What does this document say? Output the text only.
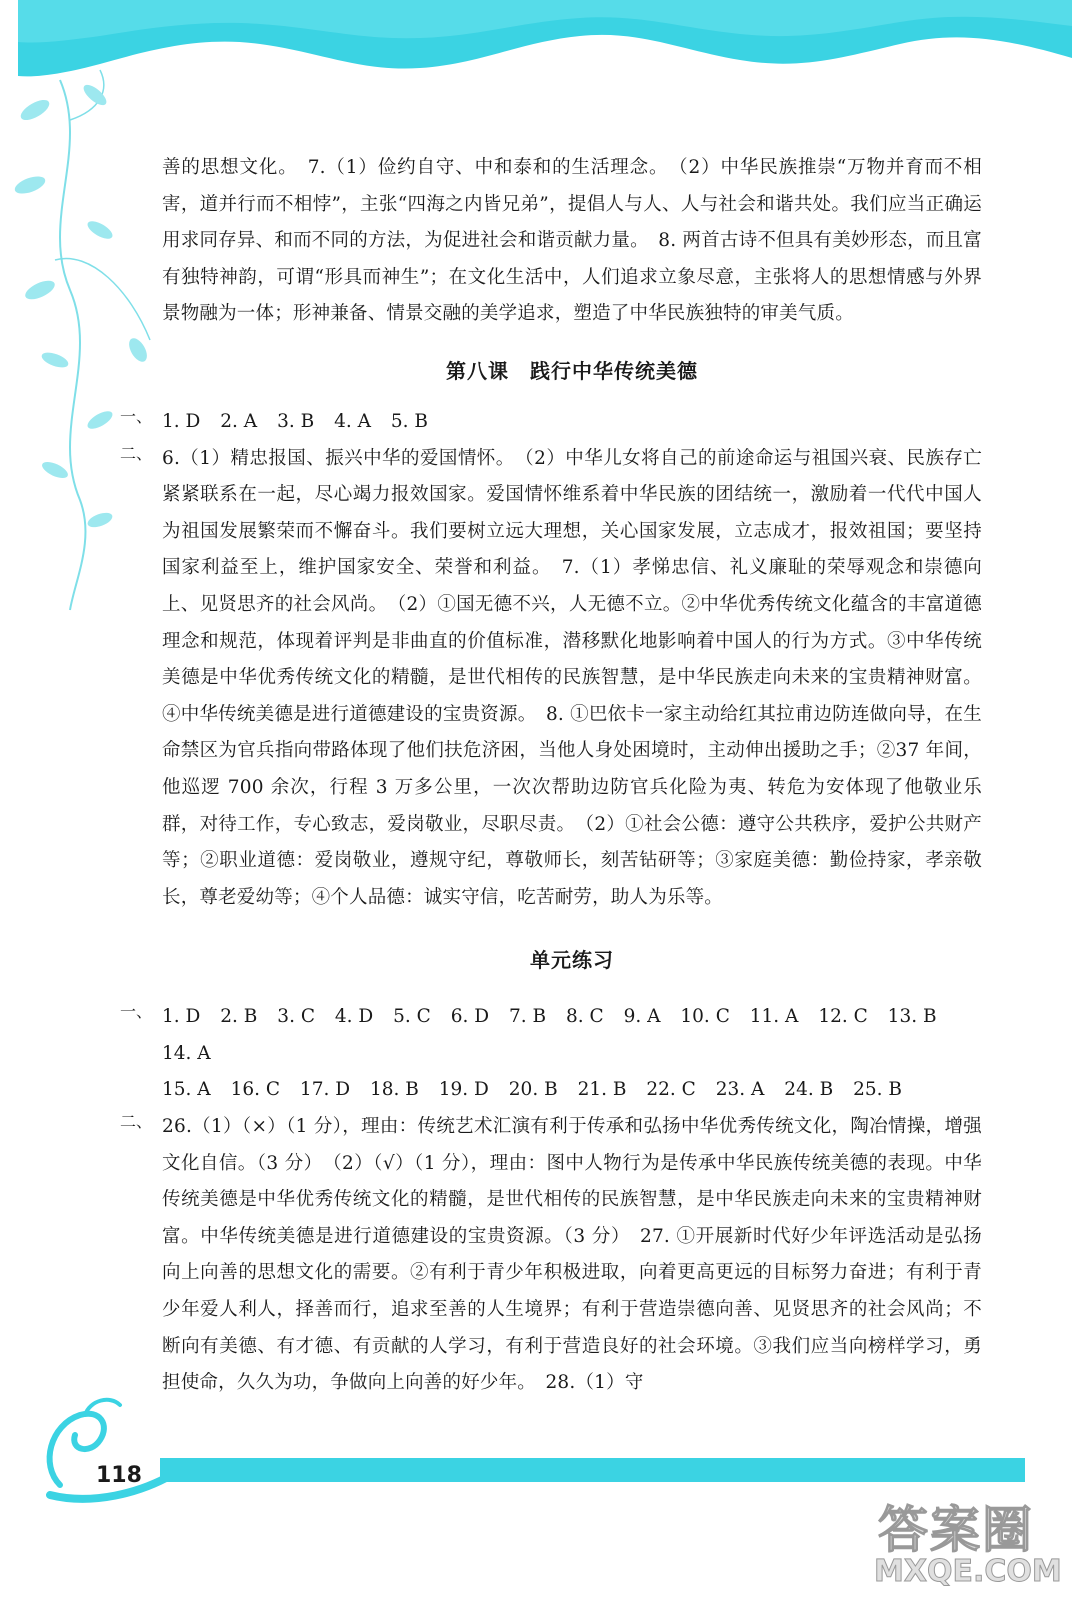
善的思想文化。　7.（1）俭约自守、中和泰和的生活理念。　（2）中华民族推崇“万物并育而不相害，道并行而不相悖”，主张“四海之内皆兄弟”，提倡人与人、人与社会和谐共处。我们应当正确运用求同存异、和而不同的方法，为促进社会和谐贡献力量。　8. 两首古诗不但具有美妙形态，而且富有独特神韵，可谓“形具而神生”；在文化生活中，人们追求立象尽意，主张将人的思想情感与外界景物融为一体；形神兼备、情景交融的美学追求，塑造了中华民族独特的审美气质。

第八课　践行中华传统美德

一、 1. D 2. A 3. B 4. A 5. B

二、 6.（1）精忠报国、振兴中华的爱国情怀。　（2）中华儿女将自己的前途命运与祖国兴衰、民族存亡紧紧联系在一起，尽心竭力报效国家。爱国情怀维系着中华民族的团结统一，激励着一代代中国人为祖国发展繁荣而不懈奋斗。我们要树立远大理想，关心国家发展，立志成才，报效祖国；要坚持国家利益至上，维护国家安全、荣誉和利益。　7.（1）孝悌忠信、礼义廉耻的荣辱观念和崇德向上、见贤思齐的社会风尚。　（2）①国无德不兴，人无德不立。②中华优秀传统文化蕴含的丰富道德理念和规范，体现着评判是非曲直的价值标准，潜移默化地影响着中国人的行为方式。③中华传统美德是中华优秀传统文化的精髓，是世代相传的民族智慧，是中华民族走向未来的宝贵精神财富。④中华传统美德是进行道德建设的宝贵资源。　8. ①巴依卡一家主动给红其拉甫边防连做向导，在生命禁区为官兵指向带路体现了他们扶危济困，当他人身处困境时，主动伸出援助之手；②37 年间，他巡逻 700 余次，行程 3 万多公里，一次次帮助边防官兵化险为夷、转危为安体现了他敬业乐群，对待工作，专心致志，爱岗敬业，尽职尽责。　（2）①社会公德：遵守公共秩序，爱护公共财产等；②职业道德：爱岗敬业，遵规守纪，尊敬师长，刻苦钻研等；③家庭美德：勤俭持家，孝亲敬长，尊老爱幼等；④个人品德：诚实守信，吃苦耐劳，助人为乐等。

单元练习

一、 1. D 2. B 3. C 4. D 5. C 6. D 7. B 8. C 9. A 10. C 11. A 12. C 13. B 14. A

15. A 16. C 17. D 18. B 19. D 20. B 21. B 22. C 23. A 24. B 25. B

二、 26.（1）（×）（1 分），理由：传统艺术汇演有利于传承和弘扬中华优秀传统文化，陶冶情操，增强文化自信。（3 分）　（2）（√）（1 分），理由：图中人物行为是传承中华民族传统美德的表现。中华传统美德是中华优秀传统文化的精髓，是世代相传的民族智慧，是中华民族走向未来的宝贵精神财富。中华传统美德是进行道德建设的宝贵资源。（3 分）　27. ①开展新时代好少年评选活动是弘扬向上向善的思想文化的需要。②有利于青少年积极进取，向着更高更远的目标努力奋进；有利于青少年爱人利人，择善而行，追求至善的人生境界；有利于营造崇德向善、见贤思齐的社会风尚；不断向有美德、有才德、有贡献的人学习，有利于营造良好的社会环境。③我们应当向榜样学习，勇担使命，久久为功，争做向上向善的好少年。　28.（1）守

118
答案圈
MXQE.COM
